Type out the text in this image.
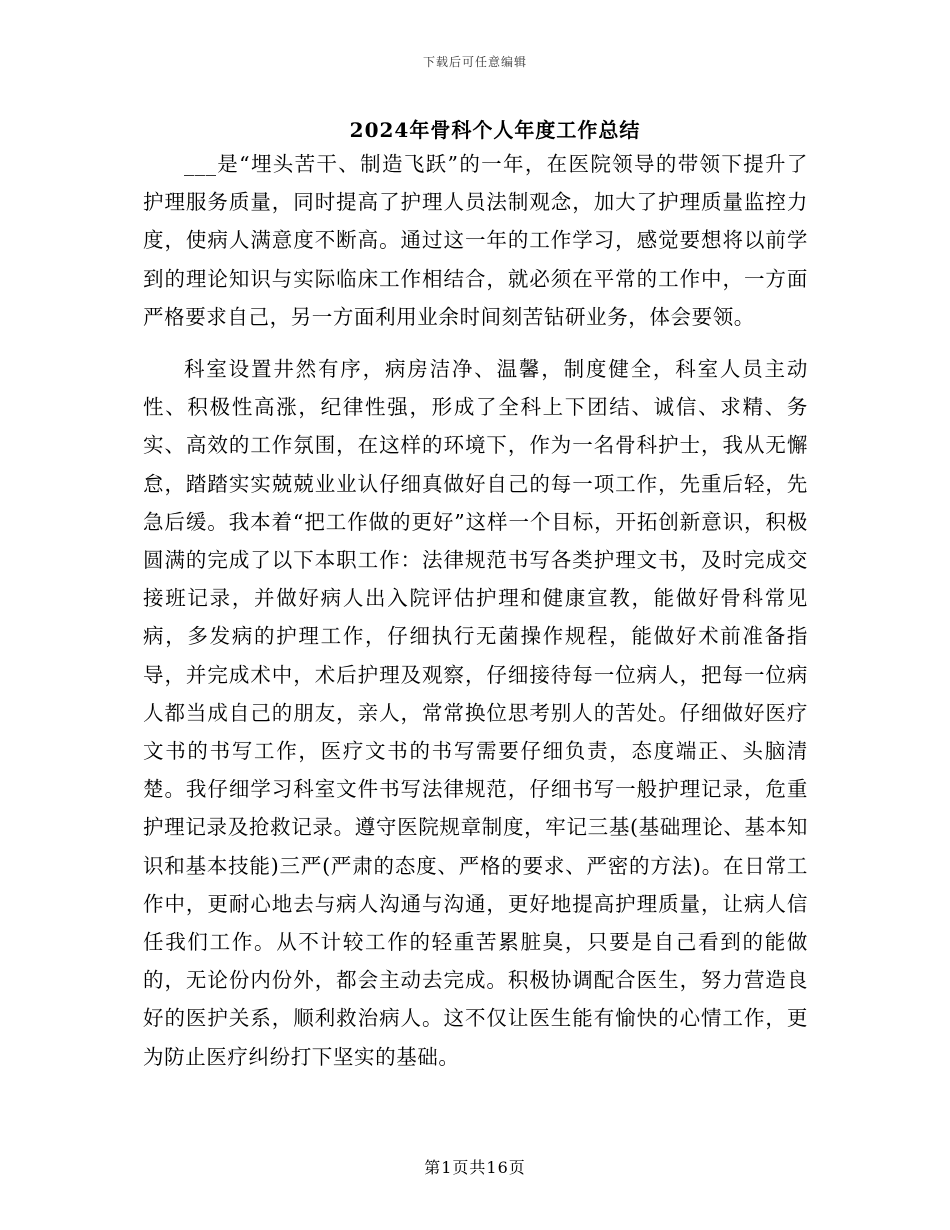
下载后可任意编辑
2024年骨科个人年度工作总结

___是“埋头苦干、制造飞跃”的一年，在医院领导的带领下提升了护理服务质量，同时提高了护理人员法制观念，加大了护理质量监控力度，使病人满意度不断高。通过这一年的工作学习，感觉要想将以前学到的理论知识与实际临床工作相结合，就必须在平常的工作中，一方面严格要求自己，另一方面利用业余时间刻苦钻研业务，体会要领。

科室设置井然有序，病房洁净、温馨，制度健全，科室人员主动性、积极性高涨，纪律性强，形成了全科上下团结、诚信、求精、务实、高效的工作氛围，在这样的环境下，作为一名骨科护士，我从无懈怠，踏踏实实兢兢业业认仔细真做好自己的每一项工作，先重后轻，先急后缓。我本着“把工作做的更好”这样一个目标，开拓创新意识，积极圆满的完成了以下本职工作：法律规范书写各类护理文书，及时完成交接班记录，并做好病人出入院评估护理和健康宣教，能做好骨科常见病，多发病的护理工作，仔细执行无菌操作规程，能做好术前准备指导，并完成术中，术后护理及观察，仔细接待每一位病人，把每一位病人都当成自己的朋友，亲人，常常换位思考别人的苦处。仔细做好医疗文书的书写工作，医疗文书的书写需要仔细负责，态度端正、头脑清楚。我仔细学习科室文件书写法律规范，仔细书写一般护理记录，危重护理记录及抢救记录。遵守医院规章制度，牢记三基(基础理论、基本知识和基本技能)三严(严肃的态度、严格的要求、严密的方法)。在日常工作中，更耐心地去与病人沟通与沟通，更好地提高护理质量，让病人信任我们工作。从不计较工作的轻重苦累脏臭，只要是自己看到的能做的，无论份内份外，都会主动去完成。积极协调配合医生，努力营造良好的医护关系，顺利救治病人。这不仅让医生能有愉快的心情工作，更为防止医疗纠纷打下坚实的基础。

第1页共16页
